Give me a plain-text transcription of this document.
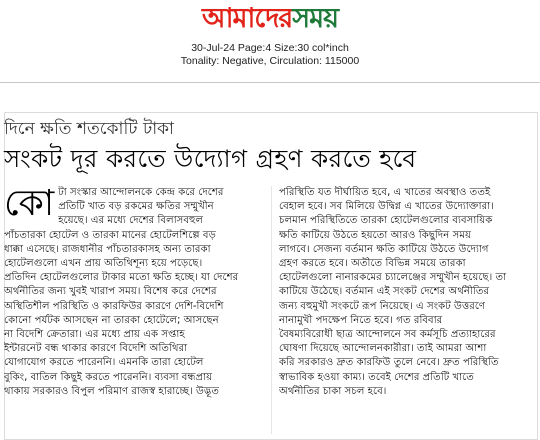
আমাদেরসময়
30-Jul-24 Page:4 Size:30 col*inch
Tonality: Negative, Circulation: 115000
দিনে ক্ষতি শতকোটি টাকা
সংকট দূর করতে উদ্যোগ গ্রহণ করতে হবে
কো টা সংস্কার আন্দোলনকে কেন্দ্র করে দেশের

প্রতিটি খাত বড় রকমের ক্ষতির সম্মুখীন

হয়েছে। এর মধ্যে দেশের বিলাসবহুল

পাঁচতারকা হোটেল ও তারকা মানের হোটেলশিল্পে বড়

ধাক্কা এসেছে। রাজধানীর পাঁচতারকাসহ অন্য তারকা

হোটেলগুলো এখন প্রায় অতিথিশূন্য হয়ে পড়েছে।

প্রতিদিন হোটেলগুলোর টাকার মতো ক্ষতি হচ্ছে। যা দেশের

অর্থনীতির জন্য খুবই খারাপ সময়। বিশেষ করে দেশের

অস্থিতিশীল পরিস্থিতি ও কারফিউর কারণে দেশি-বিদেশি

কোনো পর্যটক আসছেন না তারকা হোটেলে; আসছেন

না বিদেশি ক্রেতারা। এর মধ্যে প্রায় এক সপ্তাহ

ইন্টারনেট বন্ধ থাকার কারণে বিদেশি অতিথিরা

যোগাযোগ করতে পারেননি। এমনকি তারা হোটেল

বুকিং, বাতিল কিছুই করতে পারেননি। ব্যবসা বন্ধপ্রায়

থাকায় সরকারও বিপুল পরিমাণ রাজস্ব হারাচ্ছে। উদ্ভূত

পরিস্থিতি যত দীর্ঘায়িত হবে, এ খাতের অবস্থাও ততই

বেহাল হবে। সব মিলিয়ে উদ্বিগ্ন এ খাতের উদ্যোক্তারা।

চলমান পরিস্থিতিতে তারকা হোটেলগুলোর ব্যবসায়িক

ক্ষতি কাটিয়ে উঠতে হয়তো আরও কিছুদিন সময়

লাগবে। সেজন্য বর্তমান ক্ষতি কাটিয়ে উঠতে উদ্যোগ

গ্রহণ করতে হবে। অতীতে বিভিন্ন সময়ে তারকা

হোটেলগুলো নানারকমের চ্যালেঞ্জের সম্মুখীন হয়েছে। তা

কাটিয়ে উঠেছে। বর্তমান এই সংকট দেশের অর্থনীতির

জন্য বহুমুখী সংকটে রূপ নিয়েছে। এ সংকট উত্তরণে

নানামুখী পদক্ষেপ নিতে হবে। গত রবিবার

বৈষম্যবিরোধী ছাত্র আন্দোলনে সব কর্মসূচি প্রত্যাহারের

ঘোষণা দিয়েছে আন্দোলনকারীরা। তাই আমরা আশা

করি সরকারও দ্রুত কারফিউ তুলে নেবে। দ্রুত পরিস্থিতি

স্বাভাবিক হওয়া কাম্য। তবেই দেশের প্রতিটি খাতে

অর্থনীতির চাকা সচল হবে।
